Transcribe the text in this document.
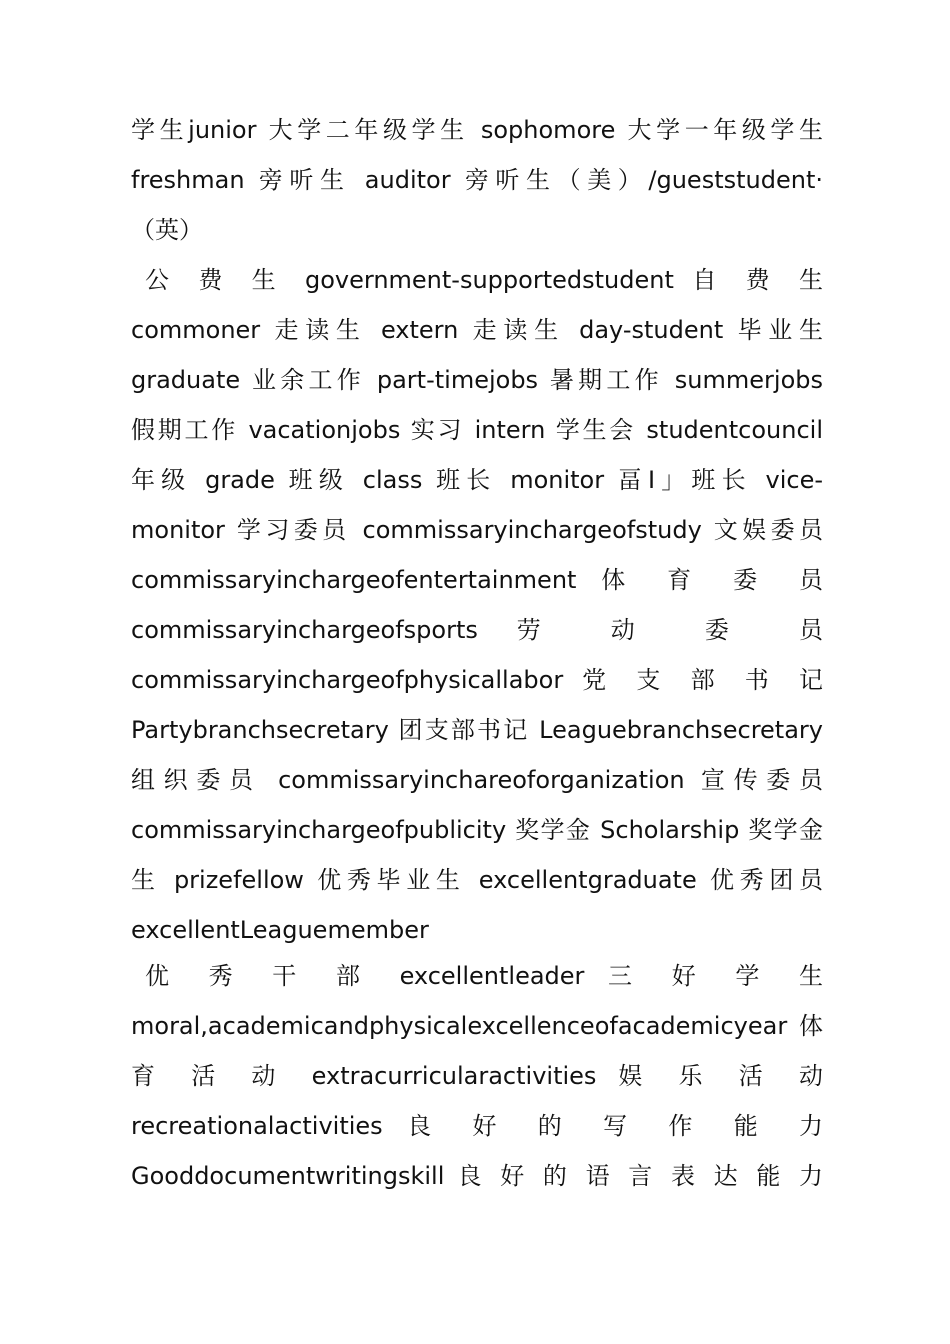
学生junior 大学二年级学生 sophomore 大学一年级学生
freshman 旁听生 auditor 旁听生（美）/gueststudent·
（英）
公 费 生 government-supportedstudent 自 费 生
commoner 走读生 extern 走读生 day-student 毕业生
graduate 业余工作 part-timejobs 暑期工作 summerjobs
假期工作 vacationjobs 实习 intern 学生会 studentcouncil
年级 grade 班级 class 班长 monitor 畐I」班长 vice-
monitor 学习委员 commissaryinchargeofstudy 文娱委员
commissaryinchargeofentertainment 体 育 委 员
commissaryinchargeofsports 劳 动 委 员
commissaryinchargeofphysicallabor 党 支 部 书 记
Partybranchsecretary 团支部书记 Leaguebranchsecretary
组织委员 commissaryinchareoforganization 宣传委员
commissaryinchargeofpublicity 奖学金 Scholarship 奖学金
生 prizefellow 优秀毕业生 excellentgraduate 优秀团员
excellentLeaguemember
优 秀 干 部 excellentleader 三 好 学 生
moral,academicandphysicalexcellenceofacademicyear 体
育 活 动 extracurricularactivities 娱 乐 活 动
recreationalactivities 良 好 的 写 作 能 力
Gooddocumentwritingskill 良 好 的 语 言 表 达 能 力
